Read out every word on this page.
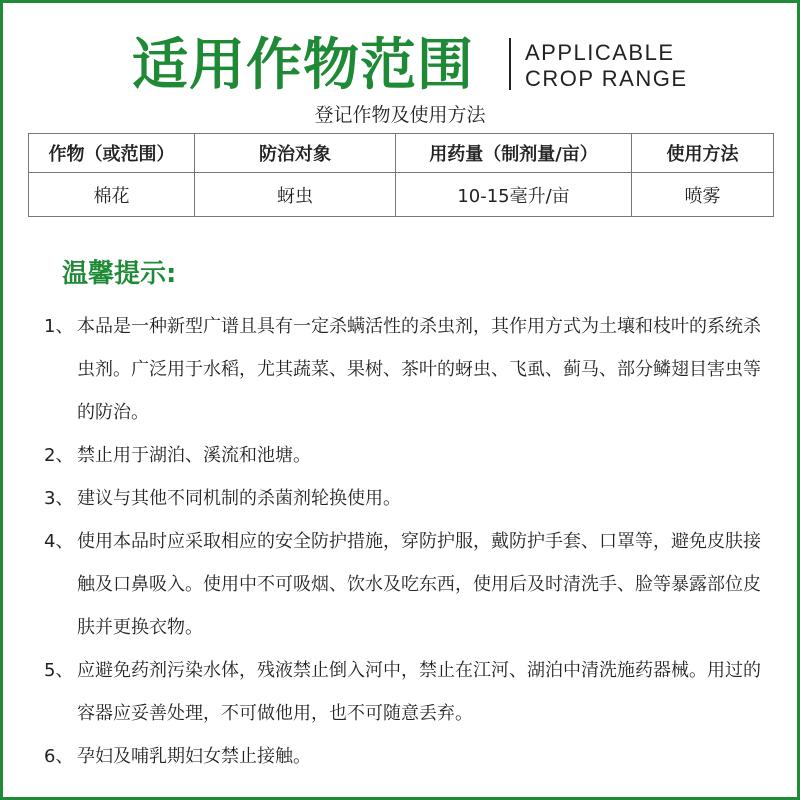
适用作物范围 APPLICABLE
CROP RANGE
登记作物及使用方法
作物（或范围）	防治对象	用药量（制剂量/亩）	使用方法
棉花	蚜虫	10-15毫升/亩	喷雾
温馨提示:
1、 本品是一种新型广谱且具有一定杀螨活性的杀虫剂，其作用方式为土壤和枝叶的系统杀虫剂。广泛用于水稻，尤其蔬菜、果树、茶叶的蚜虫、飞虱、蓟马、部分鳞翅目害虫等的防治。
2、 禁止用于湖泊、溪流和池塘。
3、 建议与其他不同机制的杀菌剂轮换使用。
4、 使用本品时应采取相应的安全防护措施，穿防护服，戴防护手套、口罩等，避免皮肤接触及口鼻吸入。使用中不可吸烟、饮水及吃东西，使用后及时清洗手、脸等暴露部位皮肤并更换衣物。
5、 应避免药剂污染水体，残液禁止倒入河中，禁止在江河、湖泊中清洗施药器械。用过的容器应妥善处理，不可做他用，也不可随意丢弃。
6、 孕妇及哺乳期妇女禁止接触。
